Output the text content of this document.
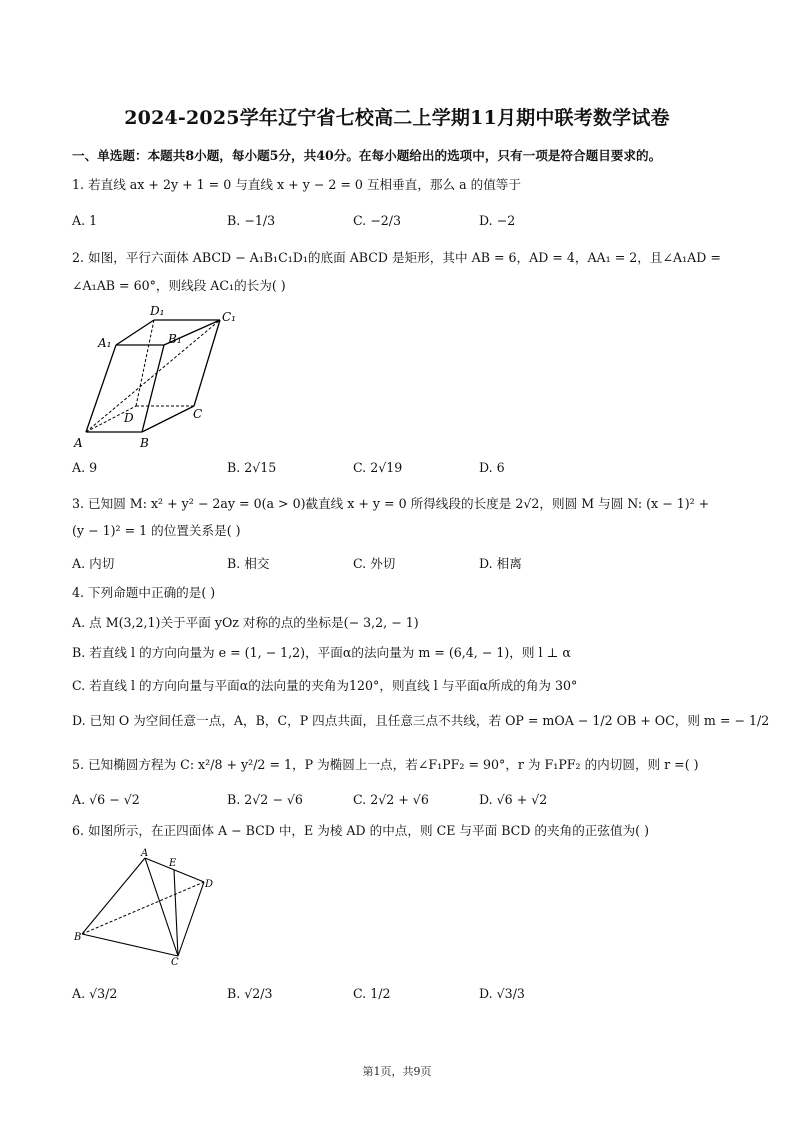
2024-2025学年辽宁省七校高二上学期11月期中联考数学试卷
一、单选题：本题共8小题，每小题5分，共40分。在每小题给出的选项中，只有一项是符合题目要求的。
1. 若直线 ax + 2y + 1 = 0 与直线 x + y − 2 = 0 互相垂直，那么 a 的值等于
A. 1	B. −1/3	C. −2/3	D. −2
2. 如图，平行六面体 ABCD − A₁B₁C₁D₁的底面 ABCD 是矩形，其中 AB = 6，AD = 4，AA₁ = 2，且∠A₁AD =
∠A₁AB = 60°，则线段 AC₁的长为( )
D₁	C₁
A₁	B₁
D	C
A	B
A. 9	B. 2√15	C. 2√19	D. 6
3. 已知圆 M: x² + y² − 2ay = 0(a > 0)截直线 x + y = 0 所得线段的长度是 2√2，则圆 M 与圆 N: (x − 1)² +
(y − 1)² = 1 的位置关系是( )
A. 内切	B. 相交	C. 外切	D. 相离
4. 下列命题中正确的是( )
A. 点 M(3,2,1)关于平面 yOz 对称的点的坐标是(− 3,2, − 1)
B. 若直线 l 的方向向量为 e = (1, − 1,2)，平面α的法向量为 m = (6,4, − 1)，则 l ⊥ α
C. 若直线 l 的方向向量与平面α的法向量的夹角为120°，则直线 l 与平面α所成的角为 30°
D. 已知 O 为空间任意一点，A，B，C，P 四点共面，且任意三点不共线，若 OP = mOA − 1/2 OB + OC，则 m = − 1/2
5. 已知椭圆方程为 C: x²/8 + y²/2 = 1，P 为椭圆上一点，若∠F₁PF₂ = 90°，r 为 F₁PF₂ 的内切圆，则 r =( )
A. √6 − √2	B. 2√2 − √6	C. 2√2 + √6	D. √6 + √2
6. 如图所示，在正四面体 A − BCD 中，E 为棱 AD 的中点，则 CE 与平面 BCD 的夹角的正弦值为( )
A
E
D
B
C
A. √3/2	B. √2/3	C. 1/2	D. √3/3
第1页，共9页
